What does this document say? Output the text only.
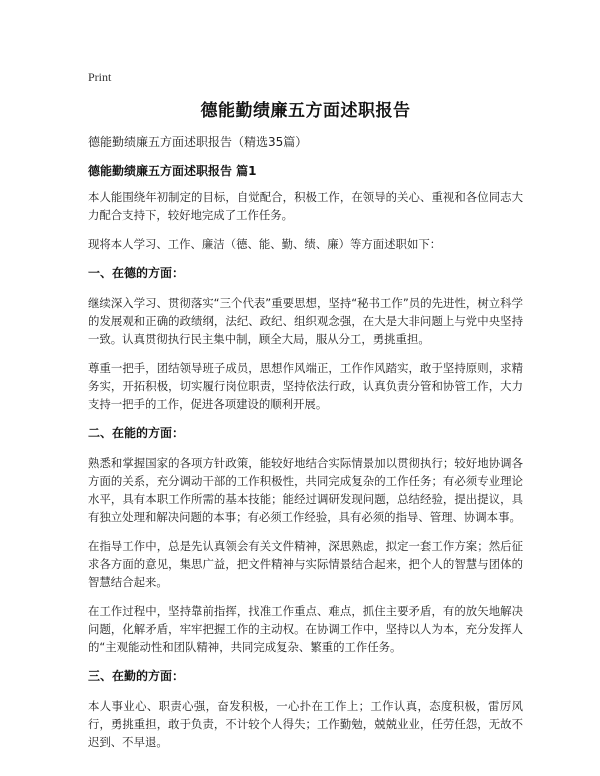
Print
德能勤绩廉五方面述职报告

德能勤绩廉五方面述职报告（精选35篇）

德能勤绩廉五方面述职报告 篇1

本人能围绕年初制定的目标，自觉配合，积极工作，在领导的关心、重视和各位同志大力配合支持下，较好地完成了工作任务。

现将本人学习、工作、廉洁（德、能、勤、绩、廉）等方面述职如下：

一、在德的方面：

继续深入学习、贯彻落实“三个代表”重要思想，坚持“秘书工作”员的先进性，树立科学的发展观和正确的政绩纲，法纪、政纪、组织观念强，在大是大非问题上与党中央坚持一致。认真贯彻执行民主集中制，顾全大局，服从分工，勇挑重担。

尊重一把手，团结领导班子成员，思想作风端正，工作作风踏实，敢于坚持原则，求精务实，开拓积极，切实履行岗位职责，坚持依法行政，认真负责分管和协管工作，大力支持一把手的工作，促进各项建设的顺利开展。

二、在能的方面：

熟悉和掌握国家的各项方针政策，能较好地结合实际情景加以贯彻执行；较好地协调各方面的关系，充分调动干部的工作积极性，共同完成复杂的工作任务；有必须专业理论水平，具有本职工作所需的基本技能；能经过调研发现问题，总结经验，提出提议，具有独立处理和解决问题的本事；有必须工作经验，具有必须的指导、管理、协调本事。

在指导工作中，总是先认真领会有关文件精神，深思熟虑，拟定一套工作方案；然后征求各方面的意见，集思广益，把文件精神与实际情景结合起来，把个人的智慧与团体的智慧结合起来。

在工作过程中，坚持靠前指挥，找准工作重点、难点，抓住主要矛盾，有的放矢地解决问题，化解矛盾，牢牢把握工作的主动权。在协调工作中，坚持以人为本，充分发挥人的“主观能动性和团队精神，共同完成复杂、繁重的工作任务。

三、在勤的方面：

本人事业心、职责心强，奋发积极，一心扑在工作上；工作认真，态度积极，雷厉风行，勇挑重担，敢于负责，不计较个人得失；工作勤勉，兢兢业业，任劳任怨，无故不迟到、不早退。
